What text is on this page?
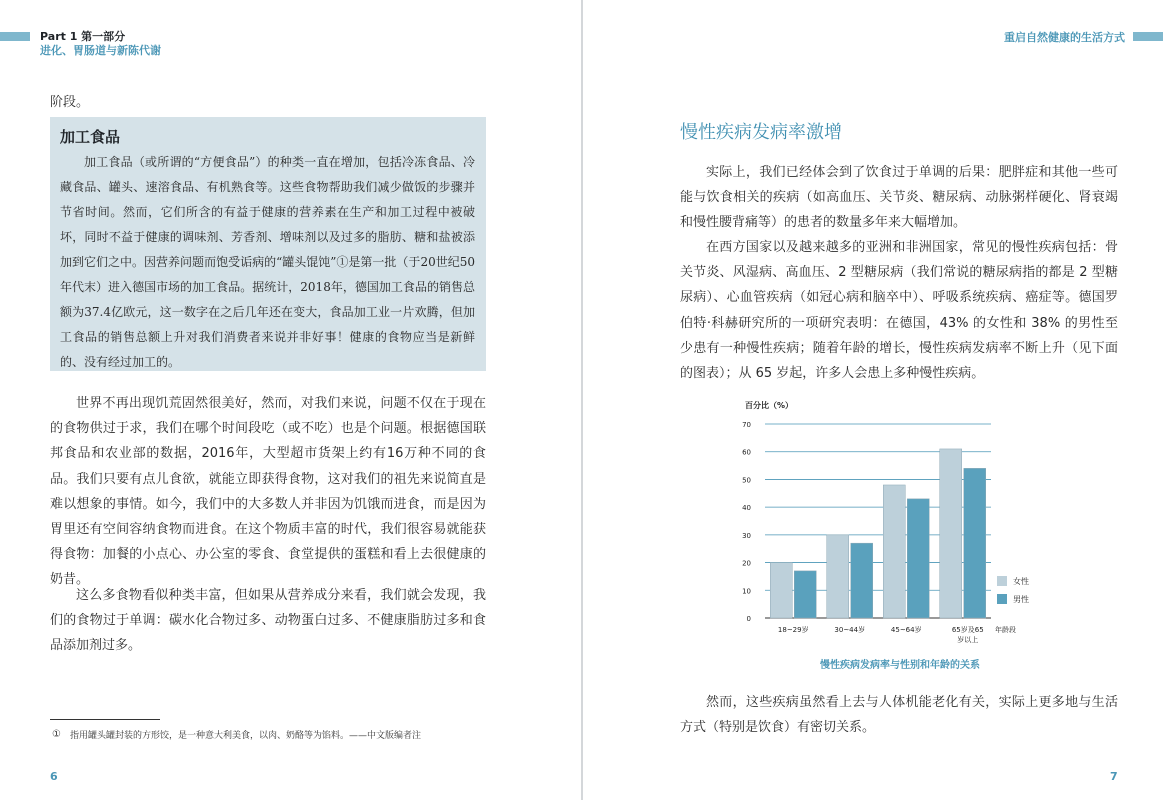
Part 1 第一部分
进化、胃肠道与新陈代谢
阶段。
加工食品
加工食品（或所谓的“方便食品”）的种类一直在增加，包括冷冻食品、冷藏食品、罐头、速溶食品、有机熟食等。这些食物帮助我们减少做饭的步骤并节省时间。然而，它们所含的有益于健康的营养素在生产和加工过程中被破坏，同时不益于健康的调味剂、芳香剂、增味剂以及过多的脂肪、糖和盐被添加到它们之中。因营养问题而饱受诟病的“罐头馄饨”①是第一批（于20世纪50年代末）进入德国市场的加工食品。据统计，2018年，德国加工食品的销售总额为37.4亿欧元，这一数字在之后几年还在变大，食品加工业一片欢腾，但加工食品的销售总额上升对我们消费者来说并非好事！健康的食物应当是新鲜的、没有经过加工的。
世界不再出现饥荒固然很美好，然而，对我们来说，问题不仅在于现在的食物供过于求，我们在哪个时间段吃（或不吃）也是个问题。根据德国联邦食品和农业部的数据，2016年，大型超市货架上约有16万种不同的食品。我们只要有点儿食欲，就能立即获得食物，这对我们的祖先来说简直是难以想象的事情。如今，我们中的大多数人并非因为饥饿而进食，而是因为胃里还有空间容纳食物而进食。在这个物质丰富的时代，我们很容易就能获得食物：加餐的小点心、办公室的零食、食堂提供的蛋糕和看上去很健康的奶昔。
这么多食物看似种类丰富，但如果从营养成分来看，我们就会发现，我们的食物过于单调：碳水化合物过多、动物蛋白过多、不健康脂肪过多和食品添加剂过多。
① 指用罐头罐封装的方形饺，是一种意大利美食，以肉、奶酪等为馅料。——中文版编者注
6
重启自然健康的生活方式
慢性疾病发病率激增
实际上，我们已经体会到了饮食过于单调的后果：肥胖症和其他一些可能与饮食相关的疾病（如高血压、关节炎、糖尿病、动脉粥样硬化、肾衰竭和慢性腰背痛等）的患者的数量多年来大幅增加。
在西方国家以及越来越多的亚洲和非洲国家，常见的慢性疾病包括：骨关节炎、风湿病、高血压、2 型糖尿病（我们常说的糖尿病指的都是 2 型糖尿病）、心血管疾病（如冠心病和脑卒中）、呼吸系统疾病、癌症等。德国罗伯特·科赫研究所的一项研究表明：在德国，43% 的女性和 38% 的男性至少患有一种慢性疾病；随着年龄的增长，慢性疾病发病率不断上升（见下面的图表）；从 65 岁起，许多人会患上多种慢性疾病。
百分比（%）
0
10
20
30
40
50
60
70
18~29岁	30~44岁	45~64岁	65岁及65
岁以上
年龄段
女性
男性
慢性疾病发病率与性别和年龄的关系
然而，这些疾病虽然看上去与人体机能老化有关，实际上更多地与生活方式（特别是饮食）有密切关系。
7
